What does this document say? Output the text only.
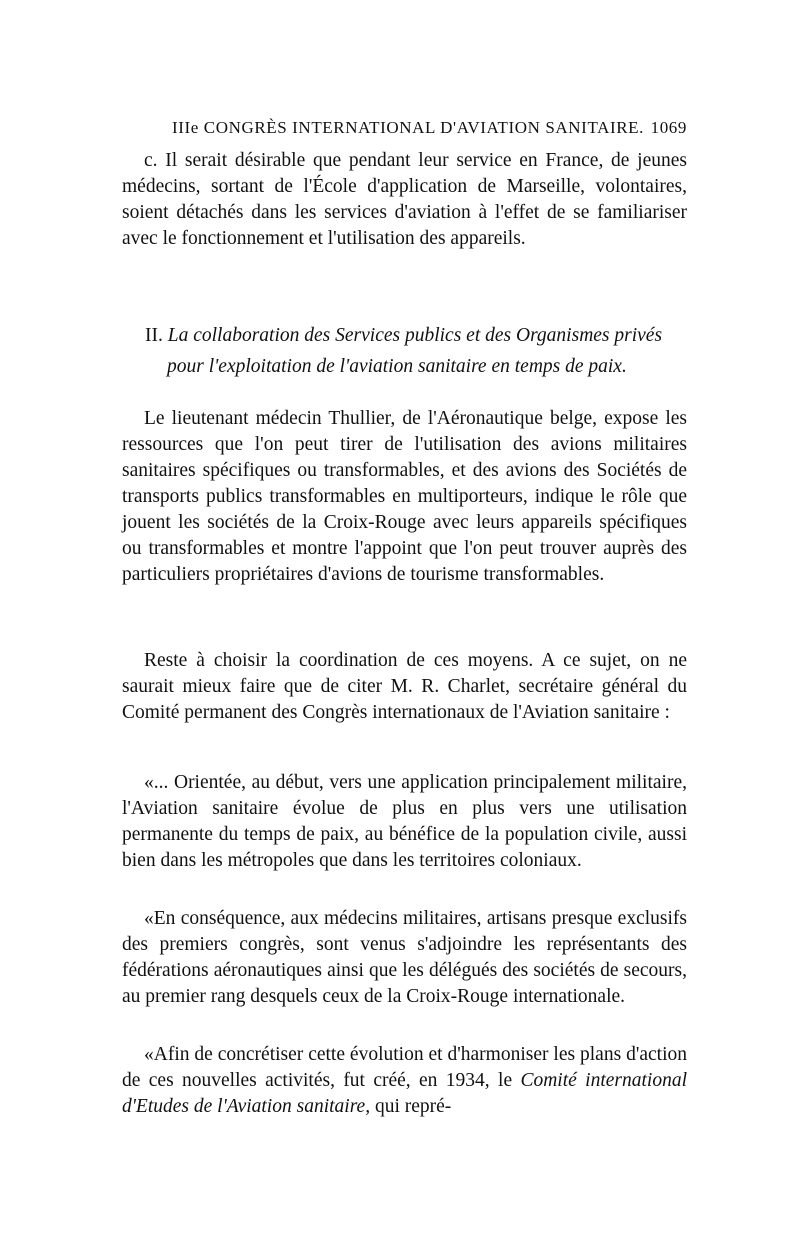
IIIe CONGRÈS INTERNATIONAL D'AVIATION SANITAIRE. 1069

c. Il serait désirable que pendant leur service en France, de jeunes médecins, sortant de l'École d'application de Marseille, volontaires, soient détachés dans les services d'aviation à l'effet de se familiariser avec le fonctionnement et l'utilisation des appareils.

II. La collaboration des Services publics et des Organismes privés
pour l'exploitation de l'aviation sanitaire en temps de paix.

Le lieutenant médecin Thullier, de l'Aéronautique belge, expose les ressources que l'on peut tirer de l'utilisation des avions militaires sanitaires spécifiques ou transformables, et des avions des Sociétés de transports publics transformables en multiporteurs, indique le rôle que jouent les sociétés de la Croix-Rouge avec leurs appareils spécifiques ou transformables et montre l'appoint que l'on peut trouver auprès des particuliers propriétaires d'avions de tourisme transformables.

Reste à choisir la coordination de ces moyens. A ce sujet, on ne saurait mieux faire que de citer M. R. Charlet, secrétaire général du Comité permanent des Congrès internationaux de l'Aviation sanitaire :

«... Orientée, au début, vers une application principalement militaire, l'Aviation sanitaire évolue de plus en plus vers une utilisation permanente du temps de paix, au bénéfice de la population civile, aussi bien dans les métropoles que dans les territoires coloniaux.

«En conséquence, aux médecins militaires, artisans presque exclusifs des premiers congrès, sont venus s'adjoindre les représentants des fédérations aéronautiques ainsi que les délégués des sociétés de secours, au premier rang desquels ceux de la Croix-Rouge internationale.

«Afin de concrétiser cette évolution et d'harmoniser les plans d'action de ces nouvelles activités, fut créé, en 1934, le Comité international d'Etudes de l'Aviation sanitaire, qui repré-
